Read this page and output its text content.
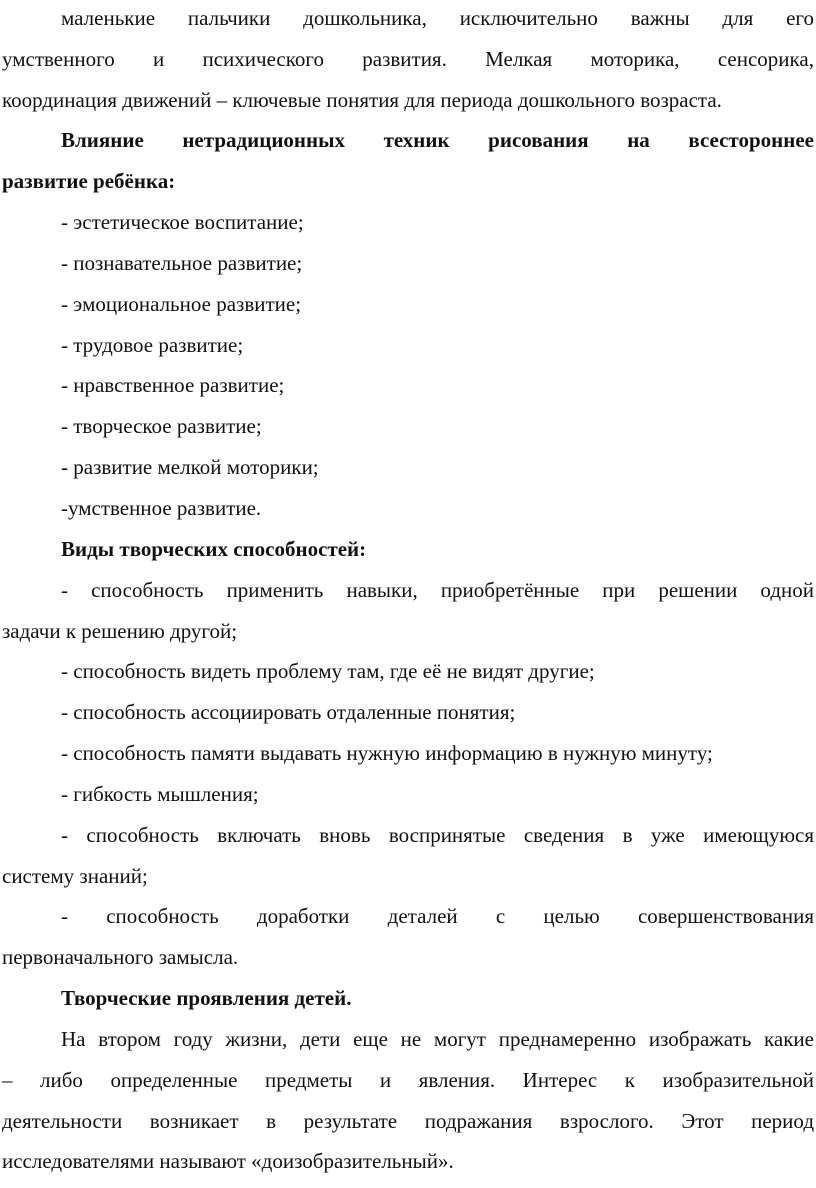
маленькие пальчики дошкольника, исключительно важны для его
умственного и психического развития. Мелкая моторика, сенсорика,
координация движений – ключевые понятия для периода дошкольного возраста.
Влияние нетрадиционных техник рисования на всестороннее
развитие ребёнка:
- эстетическое воспитание;
- познавательное развитие;
- эмоциональное развитие;
- трудовое развитие;
- нравственное развитие;
- творческое развитие;
- развитие мелкой моторики;
-умственное развитие.
Виды творческих способностей:
- способность применить навыки, приобретённые при решении одной
задачи к решению другой;
- способность видеть проблему там, где её не видят другие;
- способность ассоциировать отдаленные понятия;
- способность памяти выдавать нужную информацию в нужную минуту;
- гибкость мышления;
- способность включать вновь воспринятые сведения в уже имеющуюся
систему знаний;
- способность доработки деталей с целью совершенствования
первоначального замысла.
Творческие проявления детей.
На втором году жизни, дети еще не могут преднамеренно изображать какие
– либо определенные предметы и явления. Интерес к изобразительной
деятельности возникает в результате подражания взрослого. Этот период
исследователями называют «доизобразительный».
